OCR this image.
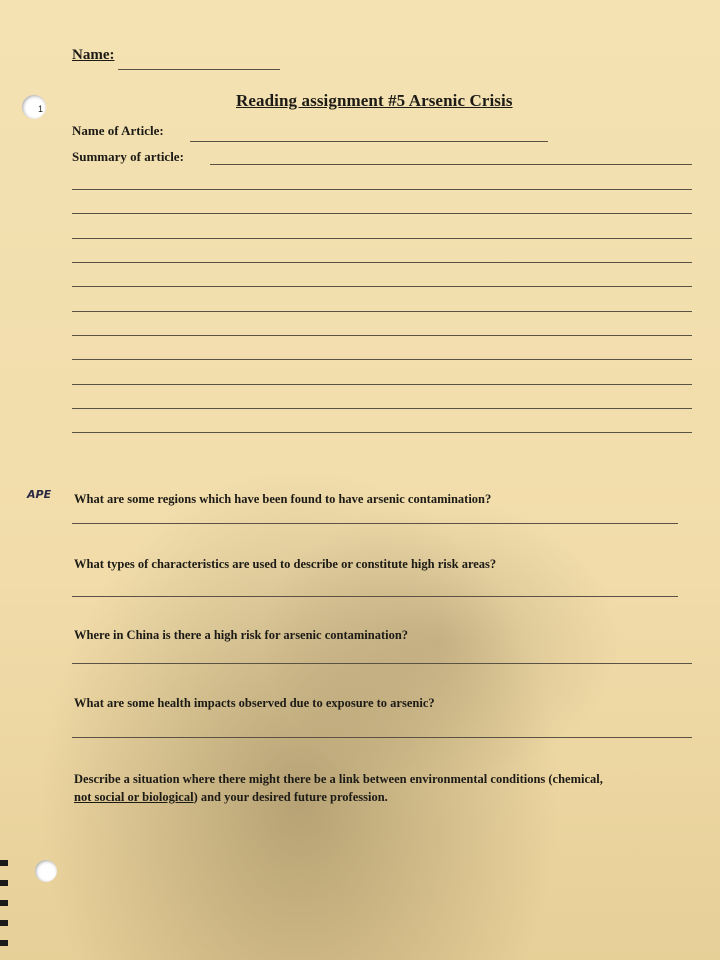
1
Name:
Reading assignment #5 Arsenic Crisis
Name of Article:
Summary of article:
APE What are some regions which have been found to have arsenic contamination?
What types of characteristics are used to describe or constitute high risk areas?
Where in China is there a high risk for arsenic contamination?
What are some health impacts observed due to exposure to arsenic?
Describe a situation where there might there be a link between environmental conditions (chemical,
not social or biological) and your desired future profession.
